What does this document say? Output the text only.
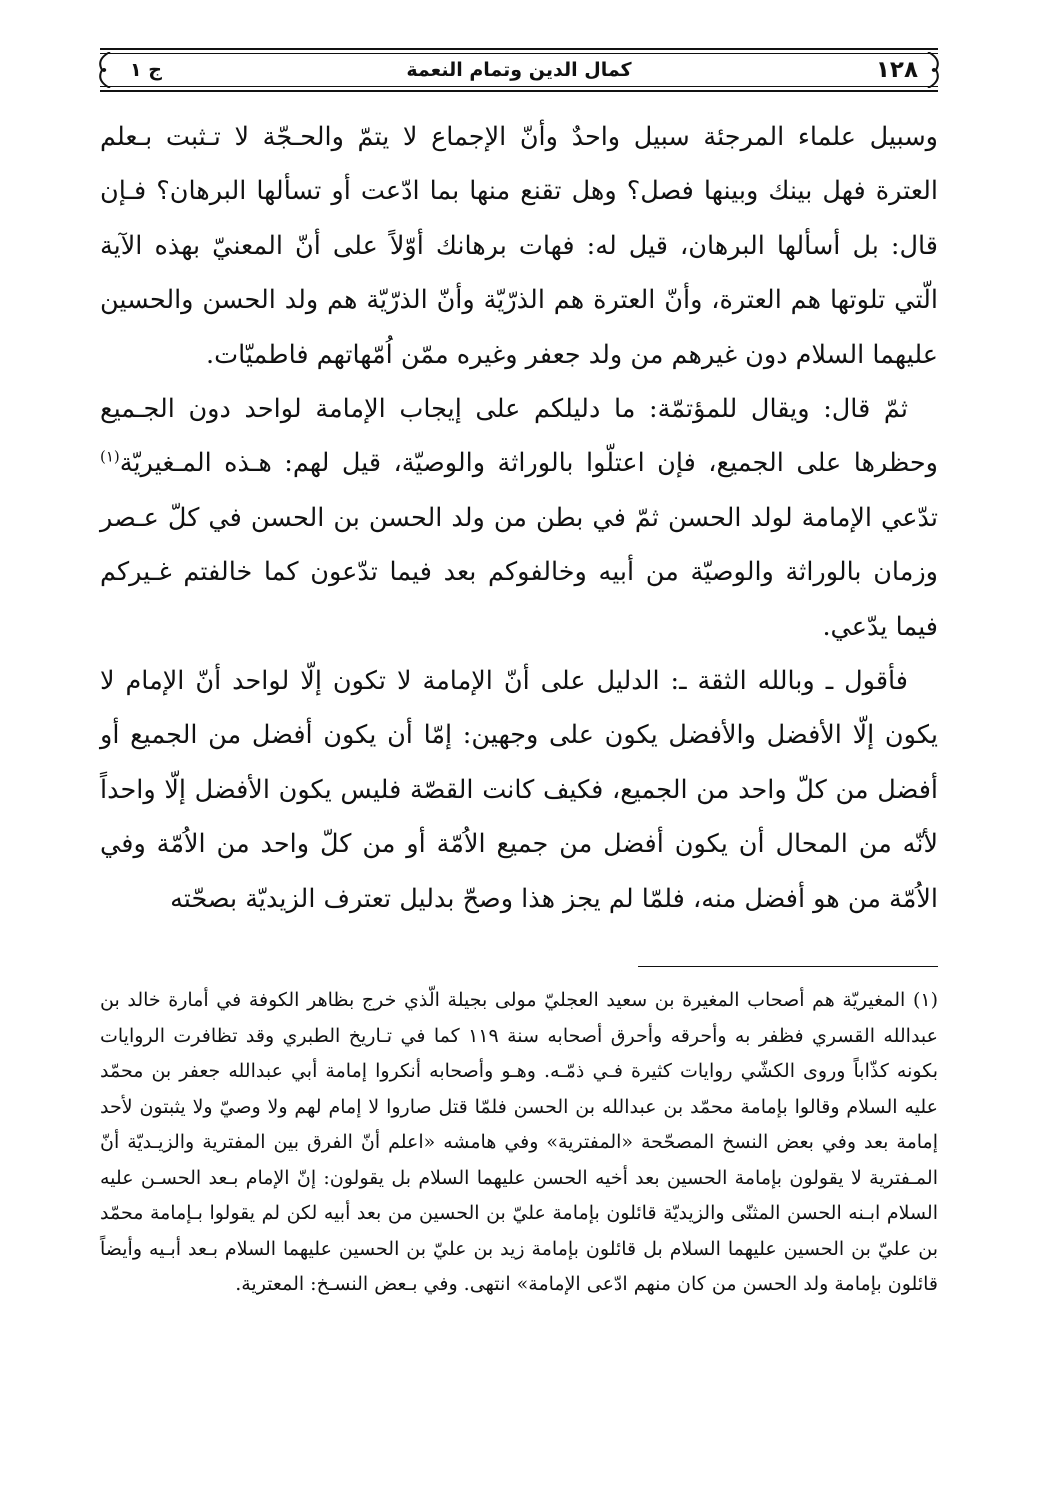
١٢٨
كمال الدين وتمام النعمة
ج ١

وسبيل علماء المرجئة سبيل واحدٌ وأنّ الإجماع لا يتمّ والحـجّة لا تـثبت بـعلم العترة فهل بينك وبينها فصل؟ وهل تقنع منها بما ادّعت أو تسألها البرهان؟ فـإن قال: بل أسألها البرهان، قيل له: فهات برهانك أوّلاً على أنّ المعنيّ بهذه الآية الّتي تلوتها هم العترة، وأنّ العترة هم الذرّيّة وأنّ الذرّيّة هم ولد الحسن والحسين عليهما السلام دون غيرهم من ولد جعفر وغيره ممّن اُمّهاتهم فاطميّات.

ثمّ قال: ويقال للمؤتمّة: ما دليلكم على إيجاب الإمامة لواحد دون الجـميع وحظرها على الجميع، فإن اعتلّوا بالوراثة والوصيّة، قيل لهم: هـذه المـغيريّة$^{(١)}$ تدّعي الإمامة لولد الحسن ثمّ في بطن من ولد الحسن بن الحسن في كلّ عـصر وزمان بالوراثة والوصيّة من أبيه وخالفوكم بعد فيما تدّعون كما خالفتم غـيركم فيما يدّعي.

فأقول ـ وبالله الثقة ـ: الدليل على أنّ الإمامة لا تكون إلّا لواحد أنّ الإمام لا يكون إلّا الأفضل والأفضل يكون على وجهين: إمّا أن يكون أفضل من الجميع أو أفضل من كلّ واحد من الجميع، فكيف كانت القصّة فليس يكون الأفضل إلّا واحداً لأنّه من المحال أن يكون أفضل من جميع الاُمّة أو من كلّ واحد من الاُمّة وفي الاُمّة من هو أفضل منه، فلمّا لم يجز هذا وصحّ بدليل تعترف الزيديّة بصحّته

(١) المغيريّة هم أصحاب المغيرة بن سعيد العجليّ مولى بجيلة الّذي خرج بظاهر الكوفة في أمارة خالد بن عبدالله القسري فظفر به وأحرقه وأحرق أصحابه سنة ١١٩ كما في تـاريخ الطبري وقد تظافرت الروايات بكونه كذّاباً وروى الكشّي روايات كثيرة فـي ذمّـه. وهـو وأصحابه أنكروا إمامة أبي عبدالله جعفر بن محمّد عليه السلام وقالوا بإمامة محمّد بن عبدالله بن الحسن فلمّا قتل صاروا لا إمام لهم ولا وصيّ ولا يثبتون لأحد إمامة بعد وفي بعض النسخ المصحّحة «المفترية» وفي هامشه «اعلم أنّ الفرق بين المفترية والزيـديّة أنّ المـفترية لا يقولون بإمامة الحسين بعد أخيه الحسن عليهما السلام بل يقولون: إنّ الإمام بـعد الحسـن عليه السلام ابـنه الحسن المثنّى والزيديّة قائلون بإمامة عليّ بن الحسين من بعد أبيه لكن لم يقولوا بـإمامة محمّد بن عليّ بن الحسين عليهما السلام بل قائلون بإمامة زيد بن عليّ بن الحسين عليهما السلام بـعد أبـيه وأيضاً قائلون بإمامة ولد الحسن من كان منهم ادّعى الإمامة» انتهى. وفي بـعض النسـخ: المعترية.
